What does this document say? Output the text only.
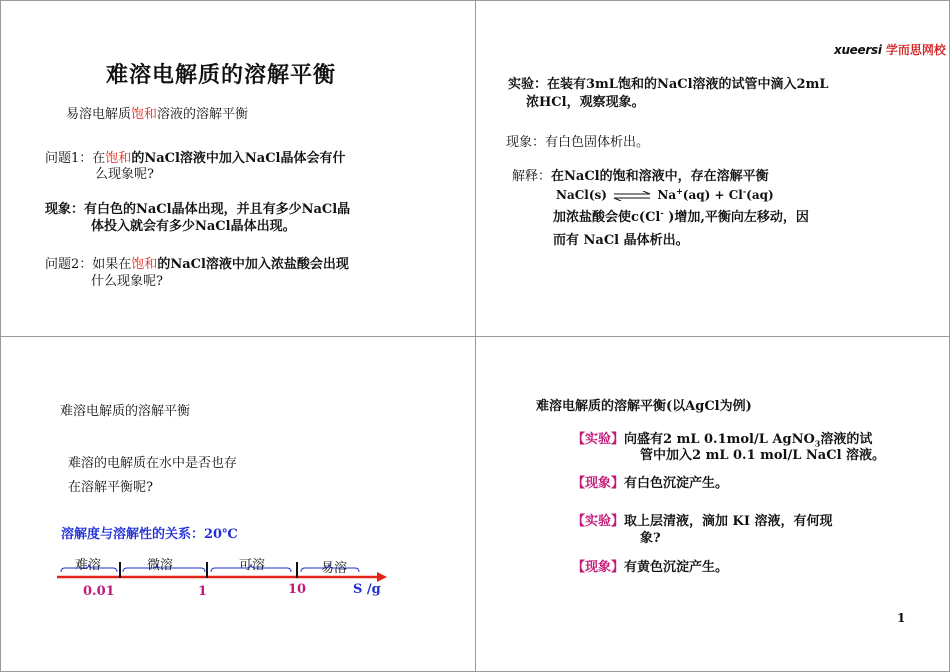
难溶电解质的溶解平衡
易溶电解质饱和溶液的溶解平衡
问题1：在饱和的NaCl溶液中加入NaCl晶体会有什
么现象呢?
现象：有白色的NaCl晶体出现，并且有多少NaCl晶
体投入就会有多少NaCl晶体出现。
问题2：如果在饱和的NaCl溶液中加入浓盐酸会出现
什么现象呢?
xueersi 学而思网校
实验：在装有3mL饱和的NaCl溶液的试管中滴入2mL
浓HCl，观察现象。
现象：有白色固体析出。
解释：在NaCl的饱和溶液中，存在溶解平衡
NaCl(s) ⇌ Na+(aq) + Cl-(aq)
加浓盐酸会使c(Cl- )增加,平衡向左移动，因
而有 NaCl 晶体析出。
难溶电解质的溶解平衡
难溶的电解质在水中是否也存
在溶解平衡呢?
溶解度与溶解性的关系：20℃
难溶	微溶	可溶	易溶
0.01	1	10	S /g
难溶电解质的溶解平衡(以AgCl为例)
【实验】向盛有2 mL 0.1mol/L AgNO$_3$溶液的试
管中加入2 mL 0.1 mol/L NaCl 溶液。
【现象】有白色沉淀产生。
【实验】取上层清液，滴加 KI 溶液，有何现
象?
【现象】有黄色沉淀产生。
1
